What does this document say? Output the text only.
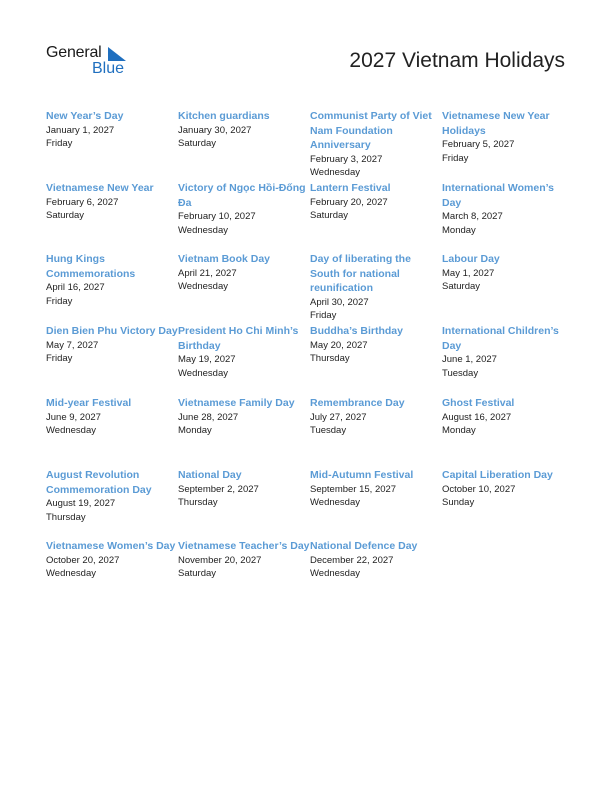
General
Blue	2027 Vietnam Holidays
New Year’s Day
January 1, 2027
Friday
Kitchen guardians
January 30, 2027
Saturday
Communist Party of Viet Nam Foundation Anniversary
February 3, 2027
Wednesday
Vietnamese New Year Holidays
February 5, 2027
Friday
Vietnamese New Year
February 6, 2027
Saturday
Victory of Ngọc Hồi-Đống Đa
February 10, 2027
Wednesday
Lantern Festival
February 20, 2027
Saturday
International Women’s Day
March 8, 2027
Monday
Hung Kings Commemorations
April 16, 2027
Friday
Vietnam Book Day
April 21, 2027
Wednesday
Day of liberating the South for national reunification
April 30, 2027
Friday
Labour Day
May 1, 2027
Saturday
Dien Bien Phu Victory Day
May 7, 2027
Friday
President Ho Chi Minh’s Birthday
May 19, 2027
Wednesday
Buddha’s Birthday
May 20, 2027
Thursday
International Children’s Day
June 1, 2027
Tuesday
Mid-year Festival
June 9, 2027
Wednesday
Vietnamese Family Day
June 28, 2027
Monday
Remembrance Day
July 27, 2027
Tuesday
Ghost Festival
August 16, 2027
Monday
August Revolution Commemoration Day
August 19, 2027
Thursday
National Day
September 2, 2027
Thursday
Mid-Autumn Festival
September 15, 2027
Wednesday
Capital Liberation Day
October 10, 2027
Sunday
Vietnamese Women’s Day
October 20, 2027
Wednesday
Vietnamese Teacher’s Day
November 20, 2027
Saturday
National Defence Day
December 22, 2027
Wednesday
